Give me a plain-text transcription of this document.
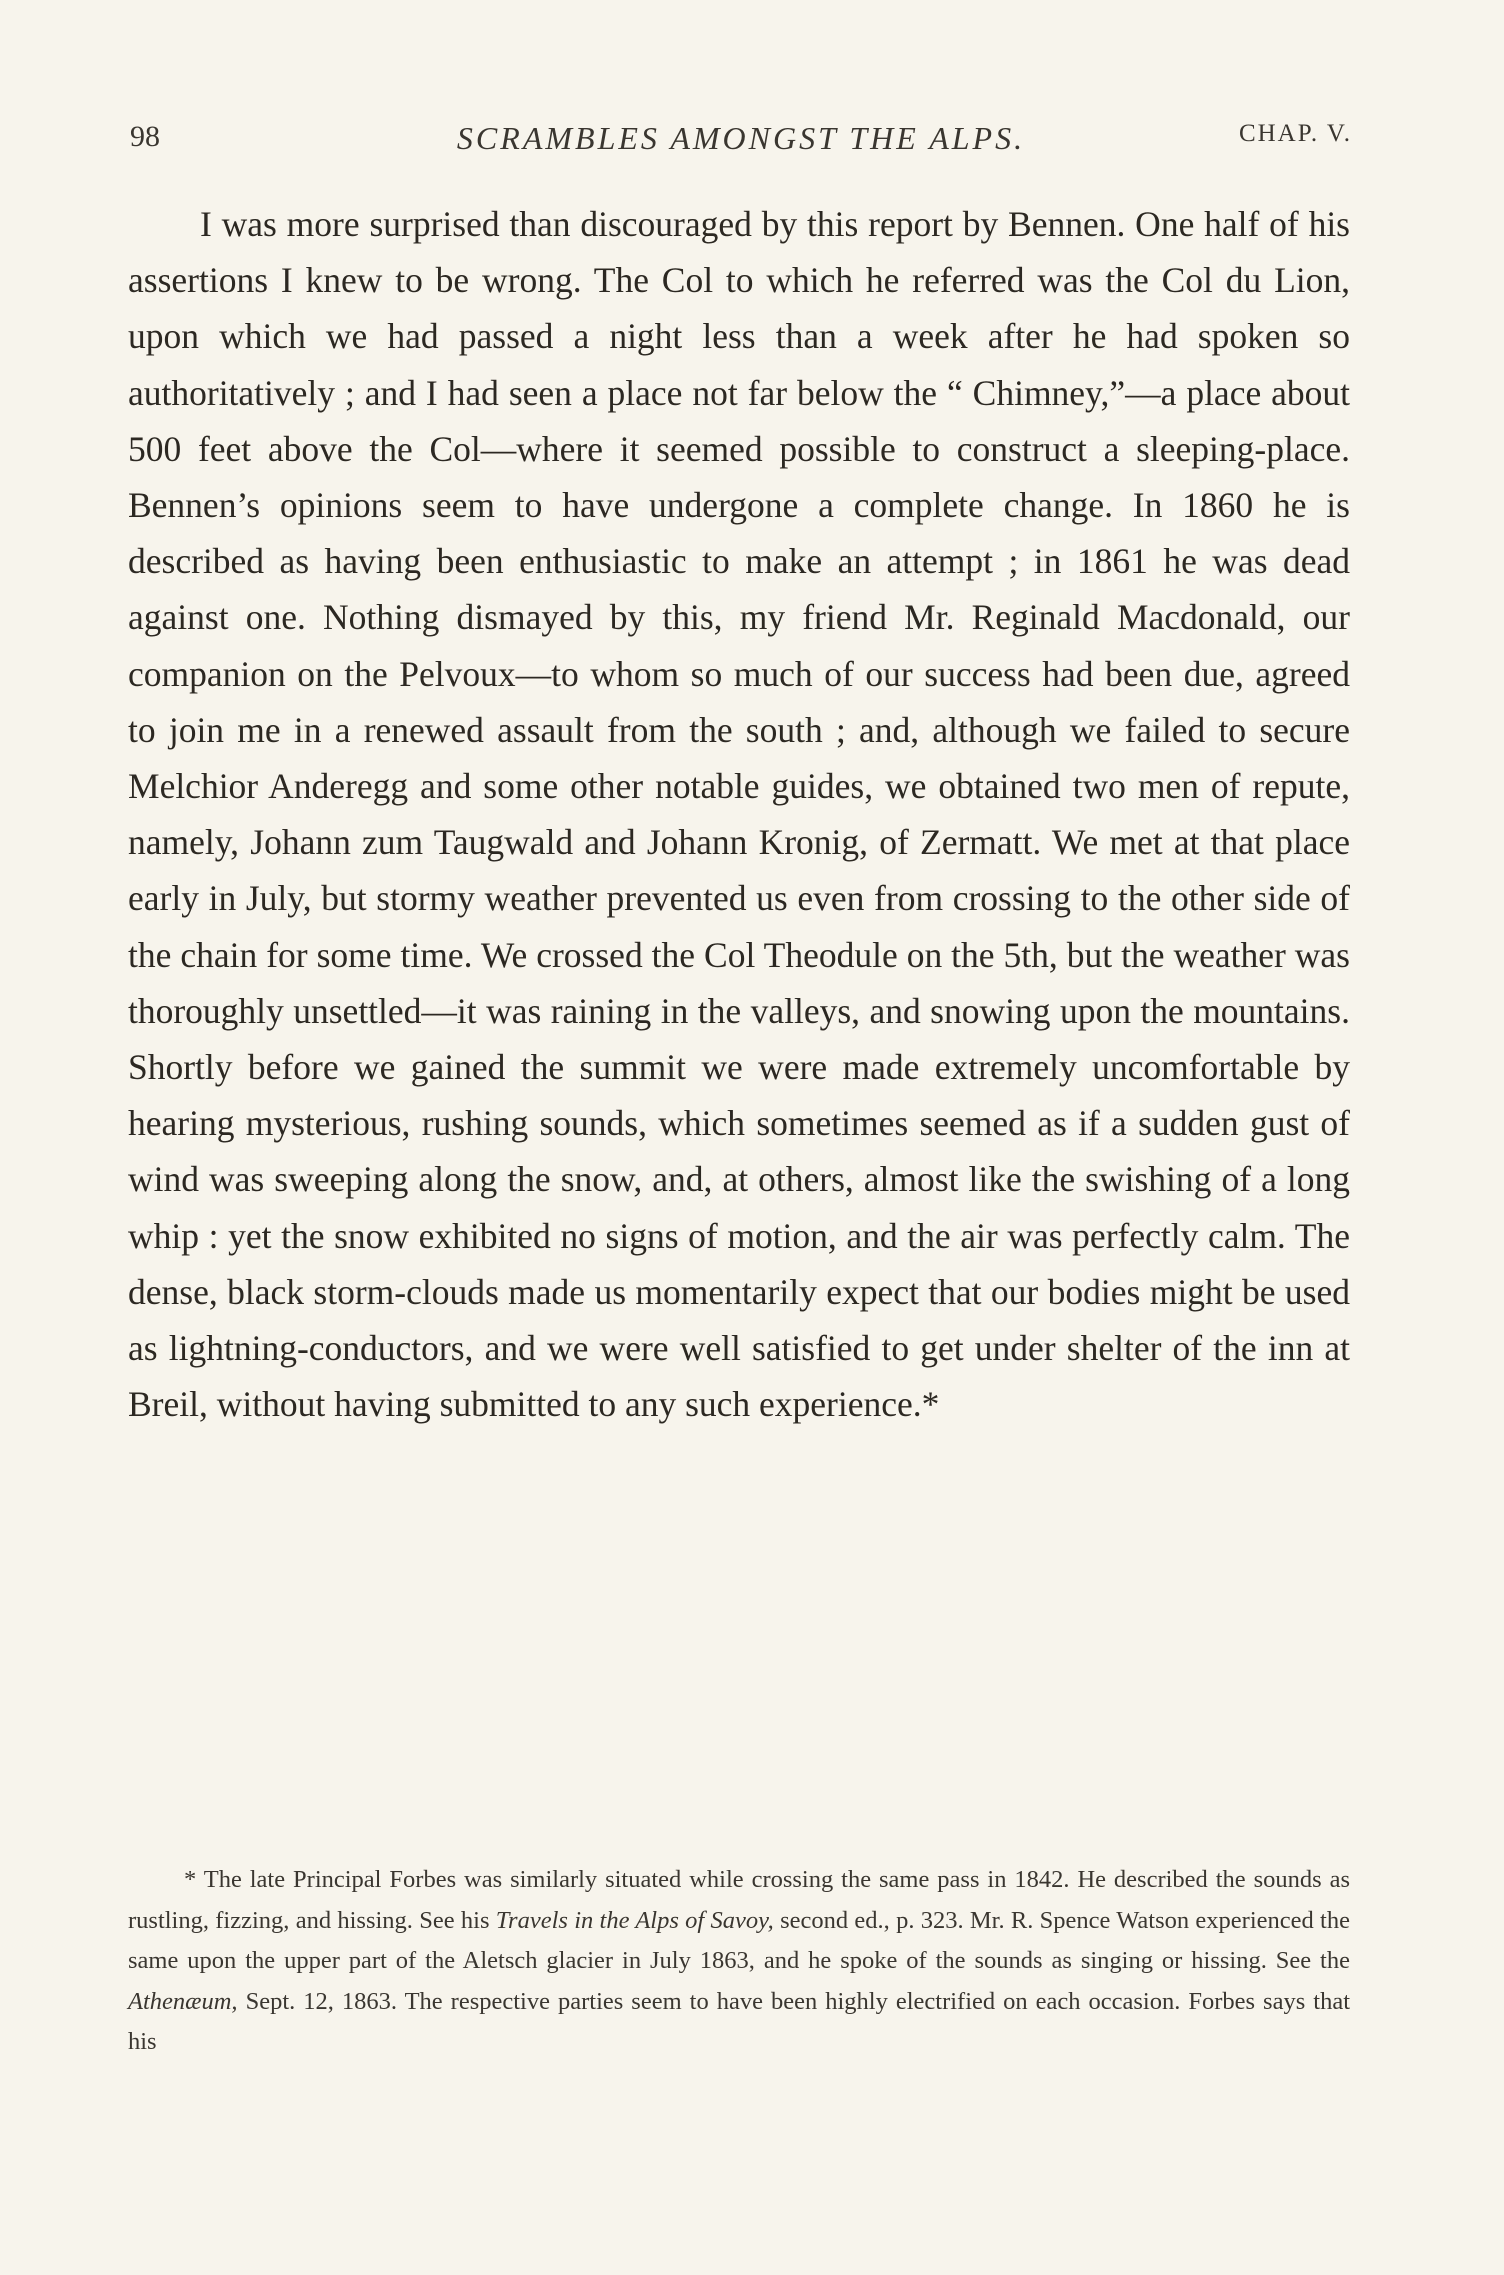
98	SCRAMBLES AMONGST THE ALPS.	CHAP. V.

I was more surprised than discouraged by this report by Bennen. One half of his assertions I knew to be wrong. The Col to which he referred was the Col du Lion, upon which we had passed a night less than a week after he had spoken so authoritatively ; and I had seen a place not far below the “ Chimney,”—a place about 500 feet above the Col—where it seemed possible to construct a sleeping-place. Bennen’s opinions seem to have undergone a complete change. In 1860 he is described as having been enthusiastic to make an attempt ; in 1861 he was dead against one. Nothing dismayed by this, my friend Mr. Reginald Macdonald, our companion on the Pelvoux—to whom so much of our success had been due, agreed to join me in a renewed assault from the south ; and, although we failed to secure Melchior Anderegg and some other notable guides, we obtained two men of repute, namely, Johann zum Taugwald and Johann Kronig, of Zermatt. We met at that place early in July, but stormy weather prevented us even from crossing to the other side of the chain for some time. We crossed the Col Theodule on the 5th, but the weather was thoroughly unsettled—it was raining in the valleys, and snowing upon the mountains. Shortly before we gained the summit we were made extremely uncomfortable by hearing mysterious, rushing sounds, which sometimes seemed as if a sudden gust of wind was sweeping along the snow, and, at others, almost like the swishing of a long whip : yet the snow exhibited no signs of motion, and the air was perfectly calm. The dense, black storm-clouds made us momentarily expect that our bodies might be used as lightning-conductors, and we were well satisfied to get under shelter of the inn at Breil, without having submitted to any such experience.*

* The late Principal Forbes was similarly situated while crossing the same pass in 1842. He described the sounds as rustling, fizzing, and hissing. See his Travels in the Alps of Savoy, second ed., p. 323. Mr. R. Spence Watson experienced the same upon the upper part of the Aletsch glacier in July 1863, and he spoke of the sounds as singing or hissing. See the Athenæum, Sept. 12, 1863. The respective parties seem to have been highly electrified on each occasion. Forbes says that his
